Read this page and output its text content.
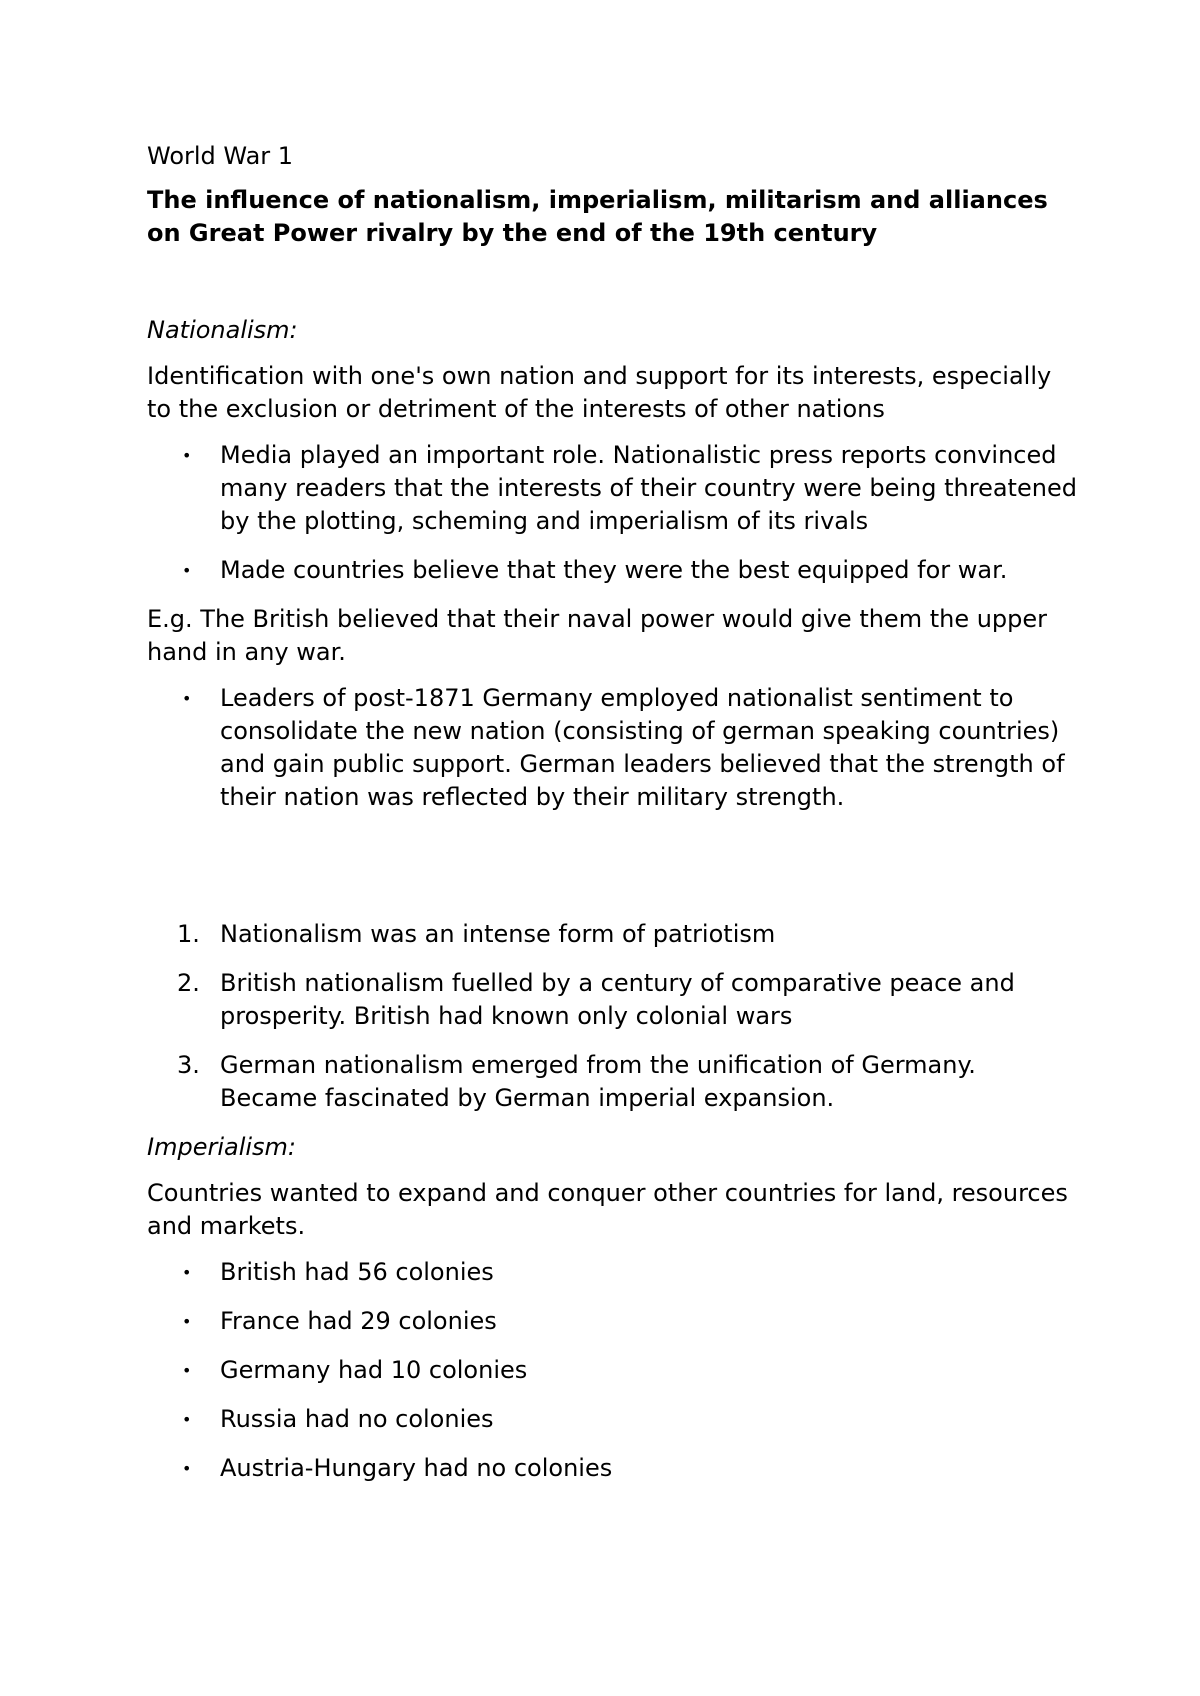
World War 1

The influence of nationalism, imperialism, militarism and alliances
on Great Power rivalry by the end of the 19th century

Nationalism:

Identification with one's own nation and support for its interests, especially to the exclusion or detriment of the interests of other nations

• Media played an important role. Nationalistic press reports convinced many readers that the interests of their country were being threatened by the plotting, scheming and imperialism of its rivals
• Made countries believe that they were the best equipped for war.

E.g. The British believed that their naval power would give them the upper hand in any war.

• Leaders of post-1871 Germany employed nationalist sentiment to consolidate the new nation (consisting of german speaking countries) and gain public support. German leaders believed that the strength of their nation was reflected by their military strength.
1. Nationalism was an intense form of patriotism
2. British nationalism fuelled by a century of comparative peace and prosperity. British had known only colonial wars
3. German nationalism emerged from the unification of Germany. Became fascinated by German imperial expansion.

Imperialism:

Countries wanted to expand and conquer other countries for land, resources and markets.

• British had 56 colonies
• France had 29 colonies
• Germany had 10 colonies
• Russia had no colonies
• Austria-Hungary had no colonies
